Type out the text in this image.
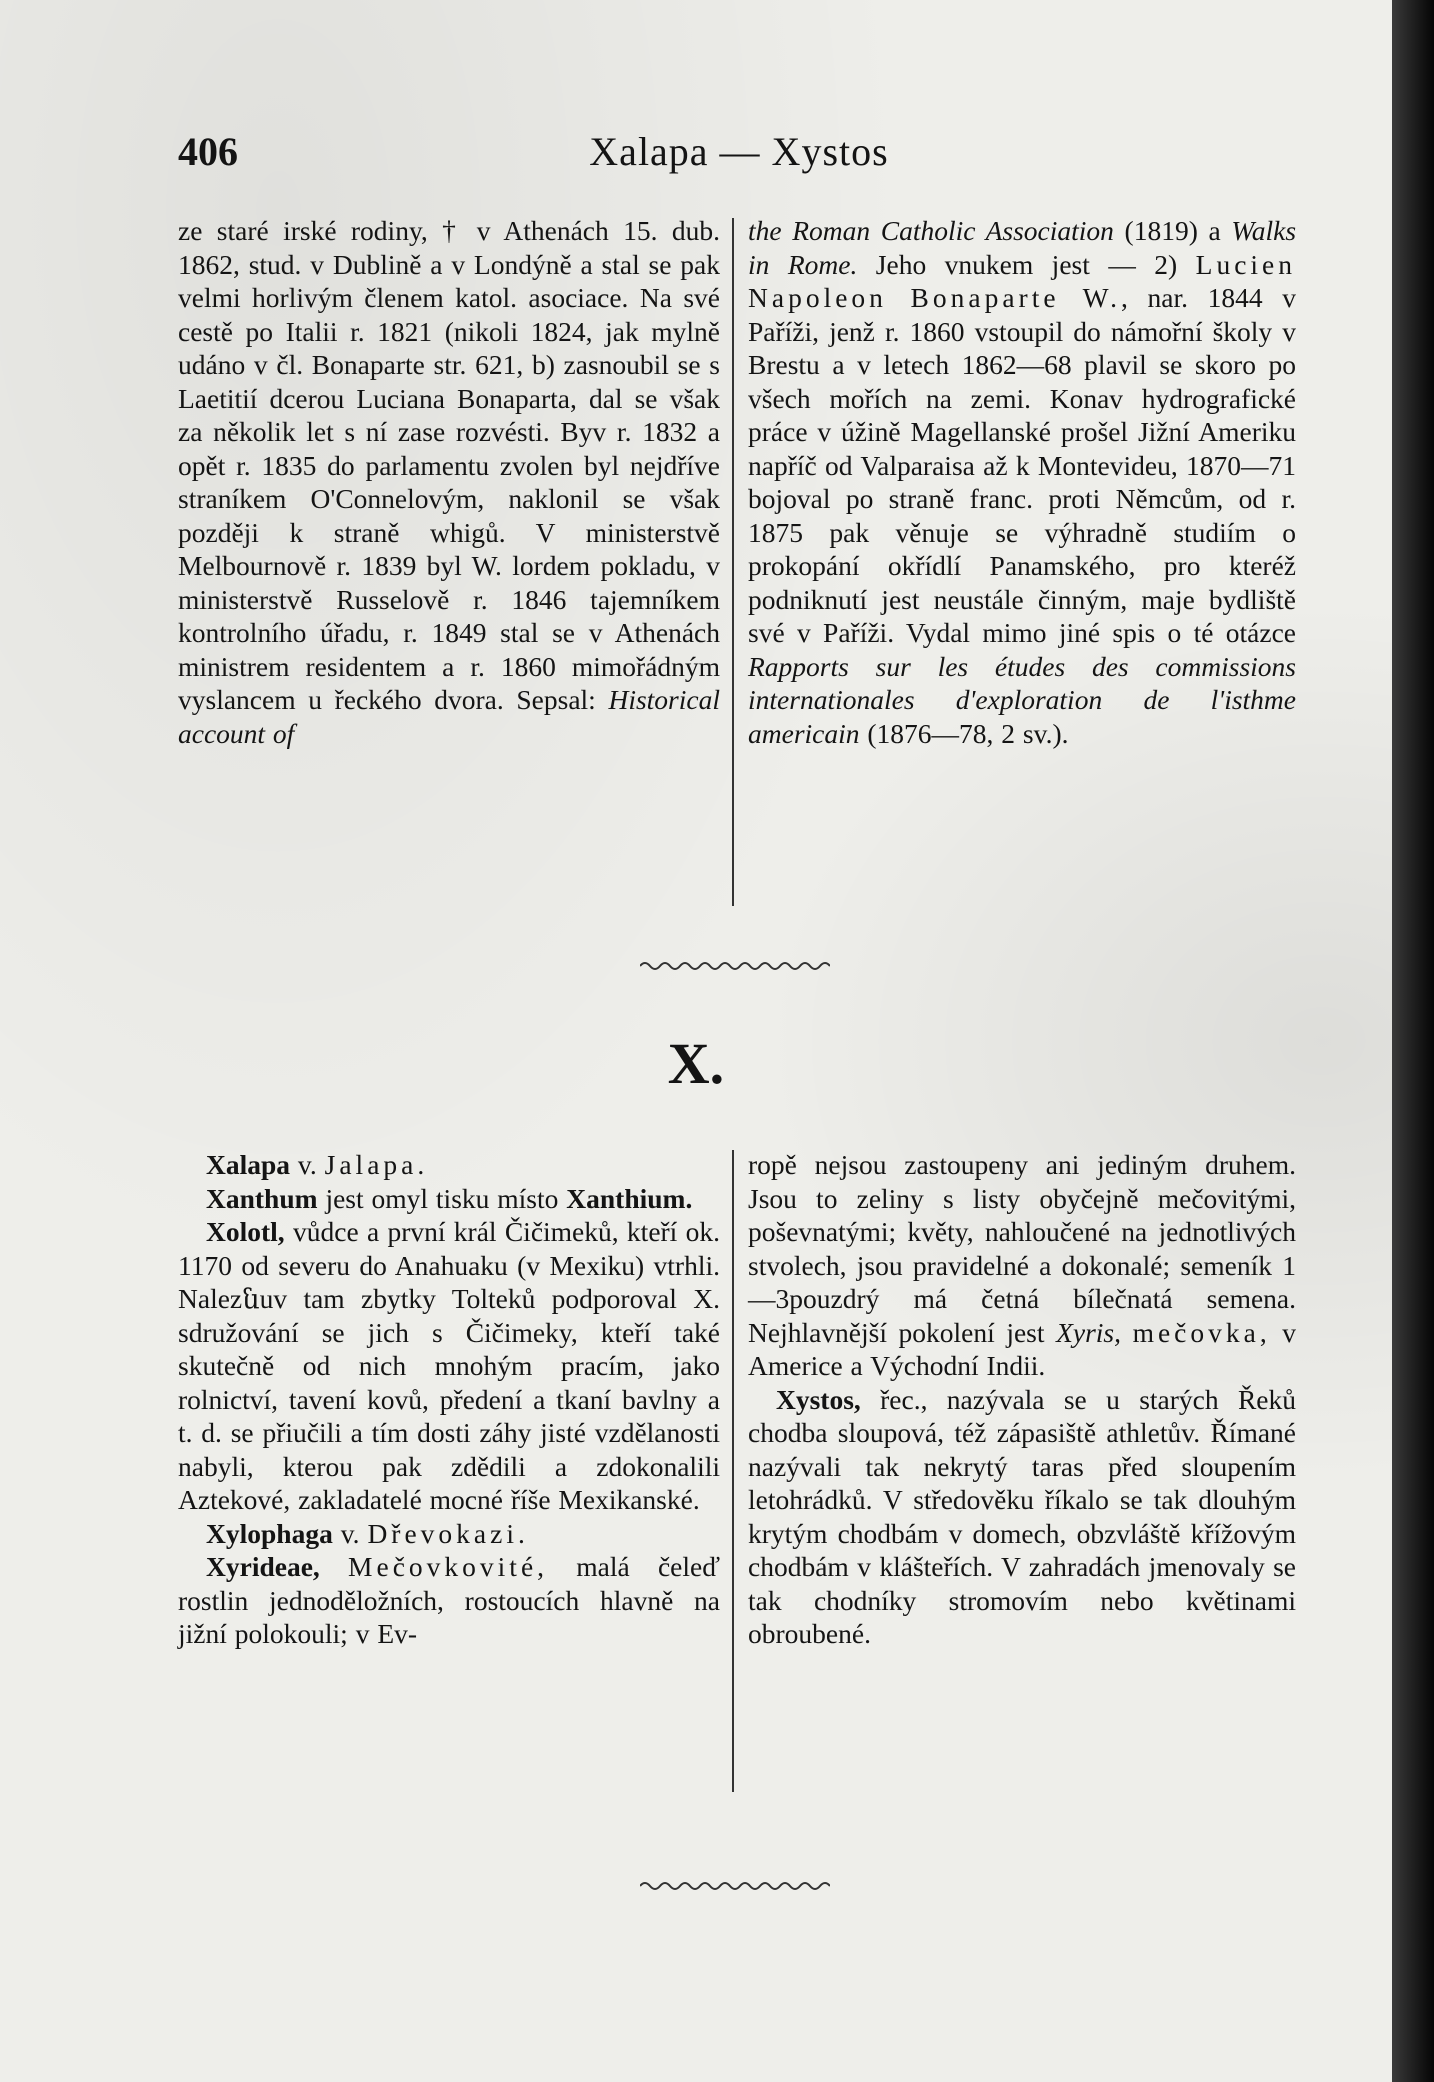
406	Xalapa — Xystos

ze staré irské rodiny, † v Athenách 15. dub. 1862, stud. v Dublině a v Londýně a stal se pak velmi horlivým členem katol. asociace. Na své cestě po Italii r. 1821 (nikoli 1824, jak mylně udáno v čl. Bonaparte str. 621, b) zasnoubil se s Laetitií dcerou Luciana Bonaparta, dal se však za několik let s ní zase rozvésti. Byv r. 1832 a opět r. 1835 do parlamentu zvolen byl nejdříve straníkem O'Connelovým, naklonil se však později k straně whigů. V ministerstvě Melbournově r. 1839 byl W. lordem pokladu, v ministerstvě Russelově r. 1846 tajemníkem kontrolního úřadu, r. 1849 stal se v Athenách ministrem residentem a r. 1860 mimořádným vyslancem u řeckého dvora. Sepsal: Historical account of

the Roman Catholic Association (1819) a Walks in Rome. Jeho vnukem jest — 2) Lucien Napoleon Bonaparte W., nar. 1844 v Paříži, jenž r. 1860 vstoupil do námořní školy v Brestu a v letech 1862—68 plavil se skoro po všech mořích na zemi. Konav hydrografické práce v úžině Magellanské prošel Jižní Ameriku napříč od Valparaisa až k Montevideu, 1870—71 bojoval po straně franc. proti Němcům, od r. 1875 pak věnuje se výhradně studiím o prokopání okřídlí Panamského, pro kteréž podniknutí jest neustále činným, maje bydliště své v Paříži. Vydal mimo jiné spis o té otázce Rapports sur les études des commissions internationales d'exploration de l'isthme americain (1876—78, 2 sv.).

X.

Xalapa v. Jalapa.

Xanthum jest omyl tisku místo Xanthium.

Xolotl, vůdce a první král Čičimeků, kteří ok. 1170 od severu do Anahuaku (v Mexiku) vtrhli. Nalezնuv tam zbytky Tolteků podporoval X. sdružování se jich s Čičimeky, kteří také skutečně od nich mnohým pracím, jako rolnictví, tavení kovů, předení a tkaní bavlny a t. d. se přiučili a tím dosti záhy jisté vzdělanosti nabyli, kterou pak zdědili a zdokonalili Aztekové, zakladatelé mocné říše Mexikanské.

Xylophaga v. Dřevokazi.

Xyrideae, Mečovkovité, malá čeleď rostlin jednoděložních, rostoucích hlavně na jižní polokouli; v Ev-

ropě nejsou zastoupeny ani jediným druhem. Jsou to zeliny s listy obyčejně mečovitými, poševnatými; květy, nahloučené na jednotlivých stvolech, jsou pravidelné a dokonalé; semeník 1—3pouzdrý má četná bílečnatá semena. Nejhlavnější pokolení jest Xyris, mečovka, v Americe a Východní Indii.

Xystos, řec., nazývala se u starých Řeků chodba sloupová, též zápasiště athletův. Římané nazývali tak nekrytý taras před sloupením letohrádků. V středověku říkalo se tak dlouhým krytým chodbám v domech, obzvláště křížovým chodbám v klášteřích. V zahradách jmenovaly se tak chodníky stromovím nebo květinami obroubené.
